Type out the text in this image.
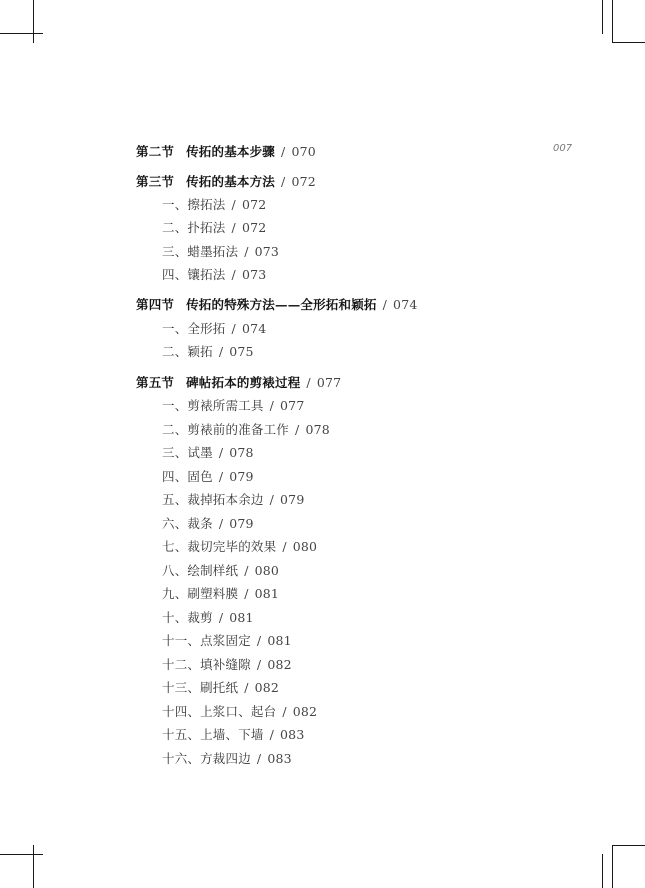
007
第二节 传拓的基本步骤 / 070
第三节 传拓的基本方法 / 072
一、擦拓法 / 072
二、扑拓法 / 072
三、蜡墨拓法 / 073
四、镶拓法 / 073
第四节 传拓的特殊方法——全形拓和颖拓 / 074
一、全形拓 / 074
二、颖拓 / 075
第五节 碑帖拓本的剪裱过程 / 077
一、剪裱所需工具 / 077
二、剪裱前的准备工作 / 078
三、试墨 / 078
四、固色 / 079
五、裁掉拓本余边 / 079
六、裁条 / 079
七、裁切完毕的效果 / 080
八、绘制样纸 / 080
九、刷塑料膜 / 081
十、裁剪 / 081
十一、点浆固定 / 081
十二、填补缝隙 / 082
十三、刷托纸 / 082
十四、上浆口、起台 / 082
十五、上墙、下墙 / 083
十六、方裁四边 / 083
